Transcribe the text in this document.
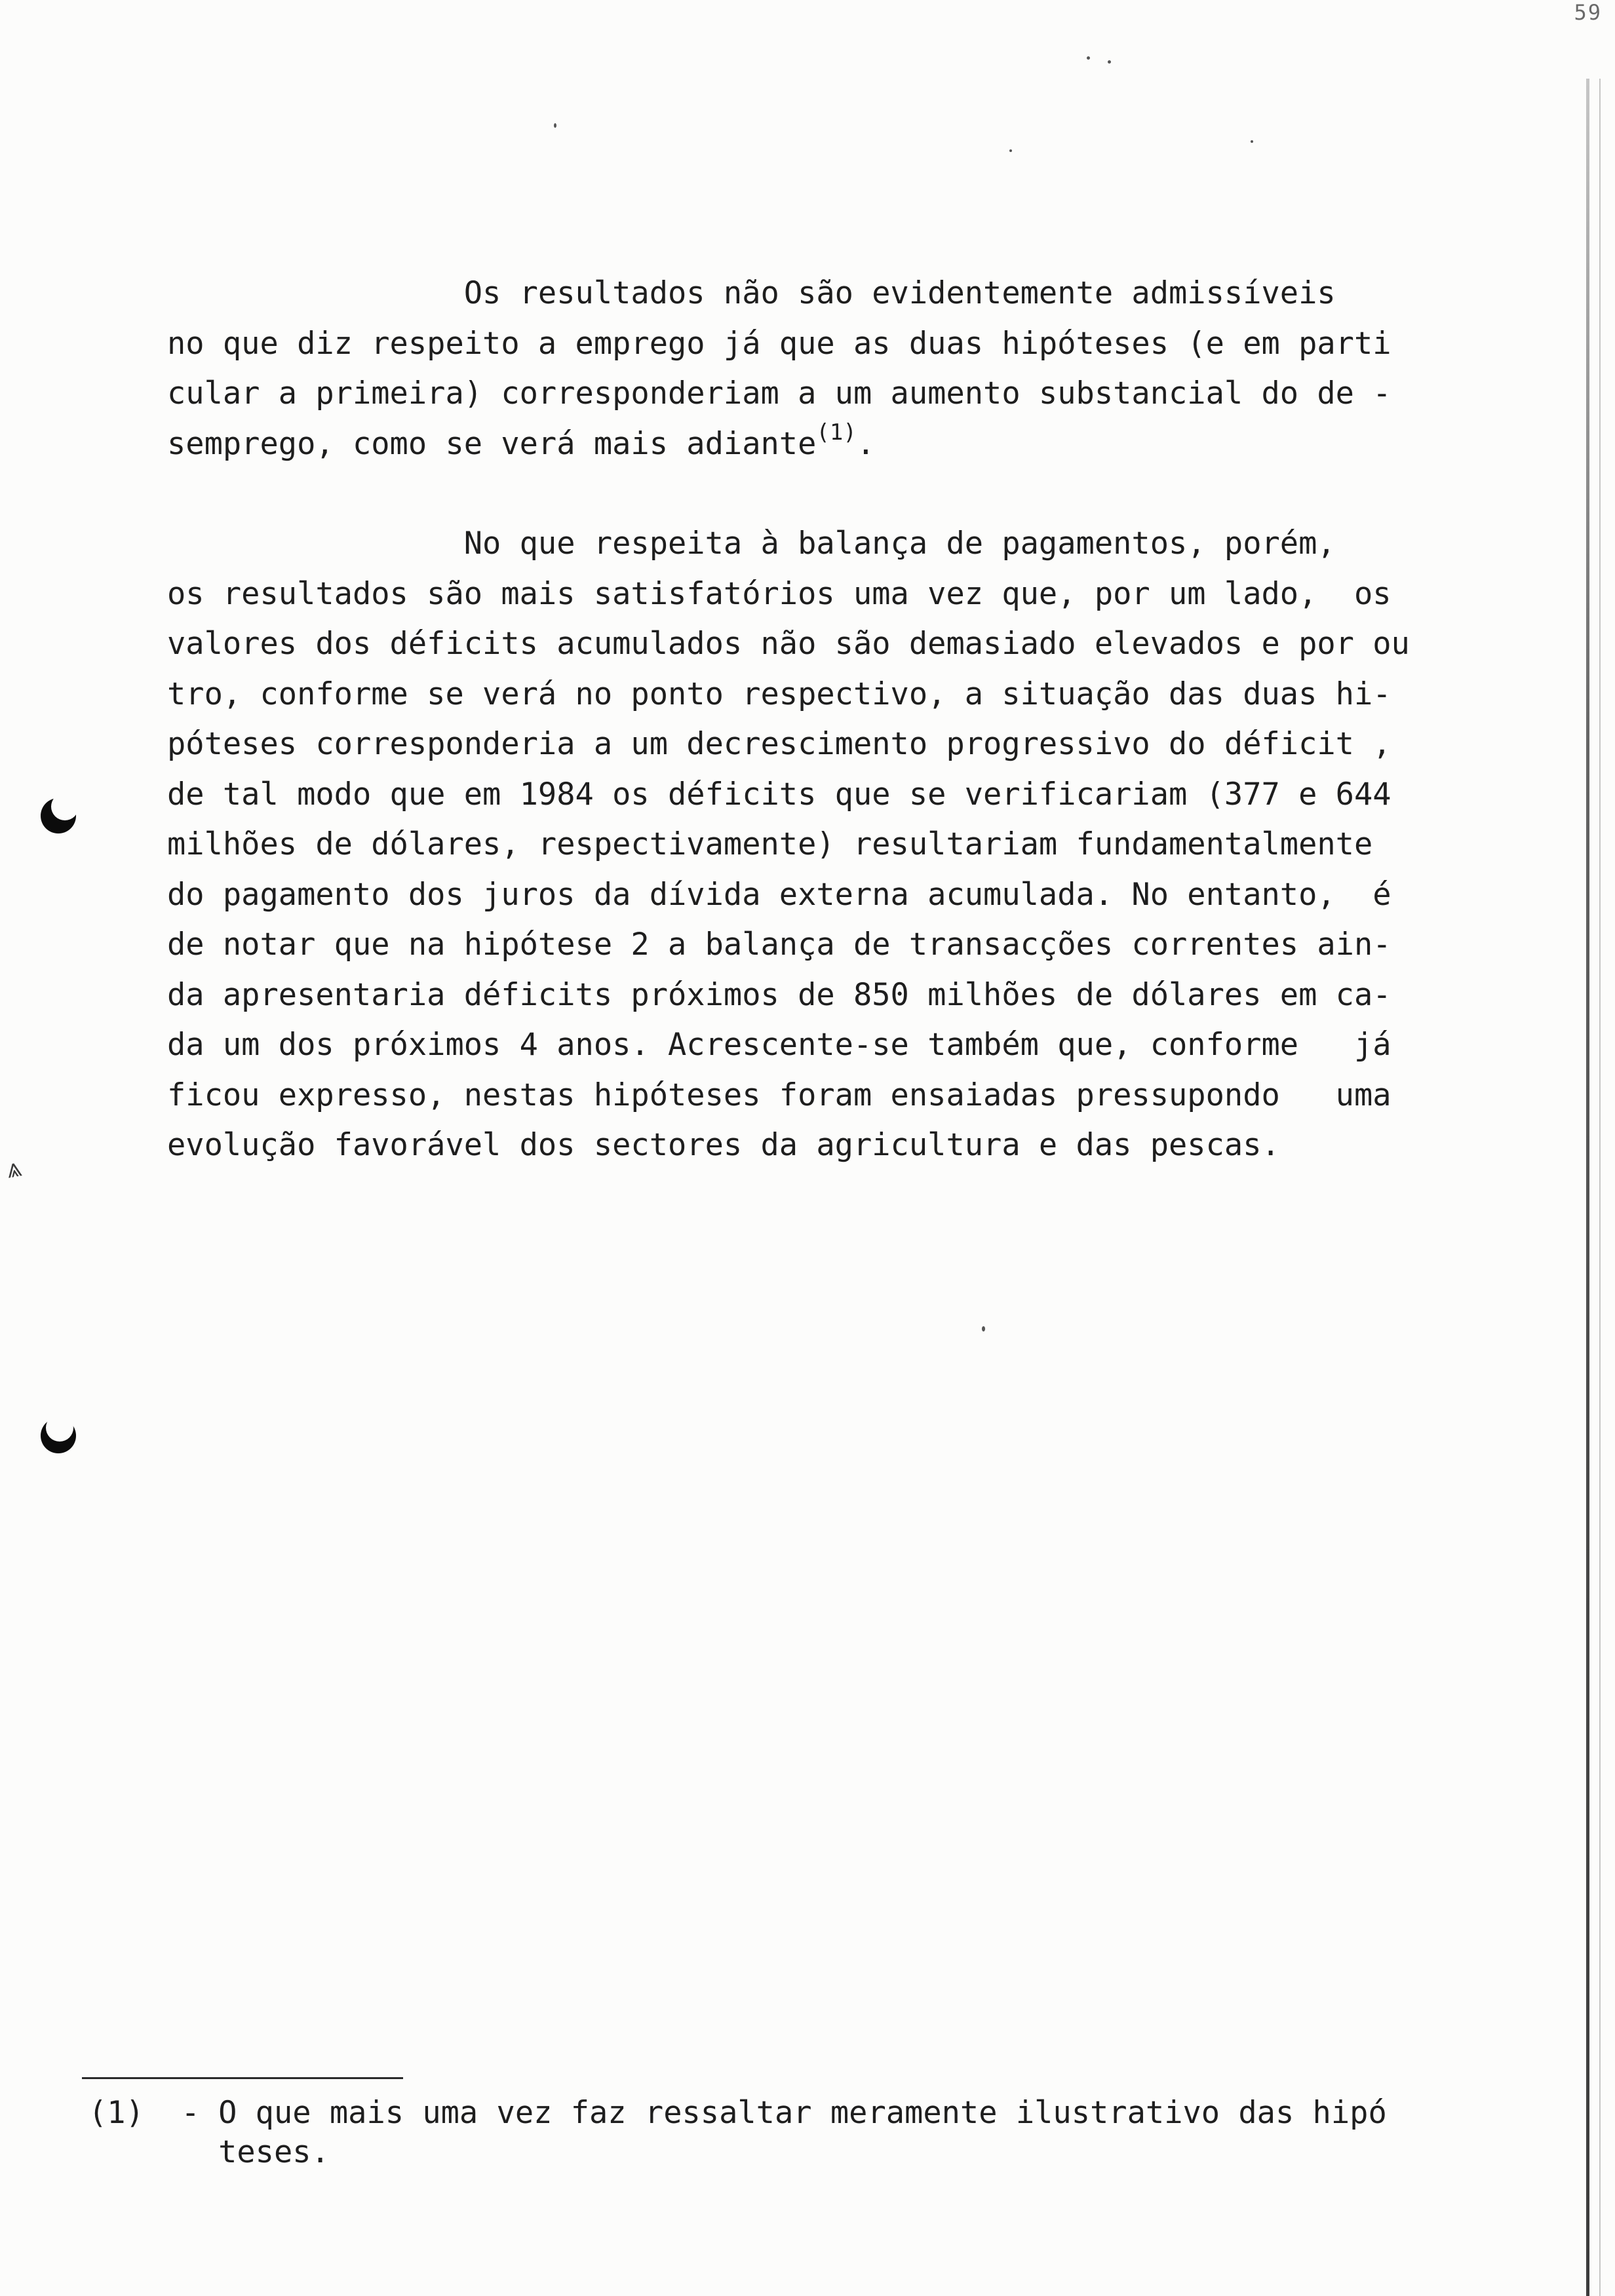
59
⩓
Os resultados não são evidentemente admissíveis
no que diz respeito a emprego já que as duas hipóteses (e em parti
cular a primeira) corresponderiam a um aumento substancial do de -
semprego, como se verá mais adiante$^{(1)}$.
No que respeita à balança de pagamentos, porém,
os resultados são mais satisfatórios uma vez que, por um lado,  os
valores dos déficits acumulados não são demasiado elevados e por ou
tro, conforme se verá no ponto respectivo, a situação das duas hi-
póteses corresponderia a um decrescimento progressivo do déficit ,
de tal modo que em 1984 os déficits que se verificariam (377 e 644
milhões de dólares, respectivamente) resultariam fundamentalmente
do pagamento dos juros da dívida externa acumulada. No entanto,  é
de notar que na hipótese 2 a balança de transacções correntes ain-
da apresentaria déficits próximos de 850 milhões de dólares em ca-
da um dos próximos 4 anos. Acrescente-se também que, conforme   já
ficou expresso, nestas hipóteses foram ensaiadas pressupondo   uma
evolução favorável dos sectores da agricultura e das pescas.
(1)  - O que mais uma vez faz ressaltar meramente ilustrativo das hipó
teses.
